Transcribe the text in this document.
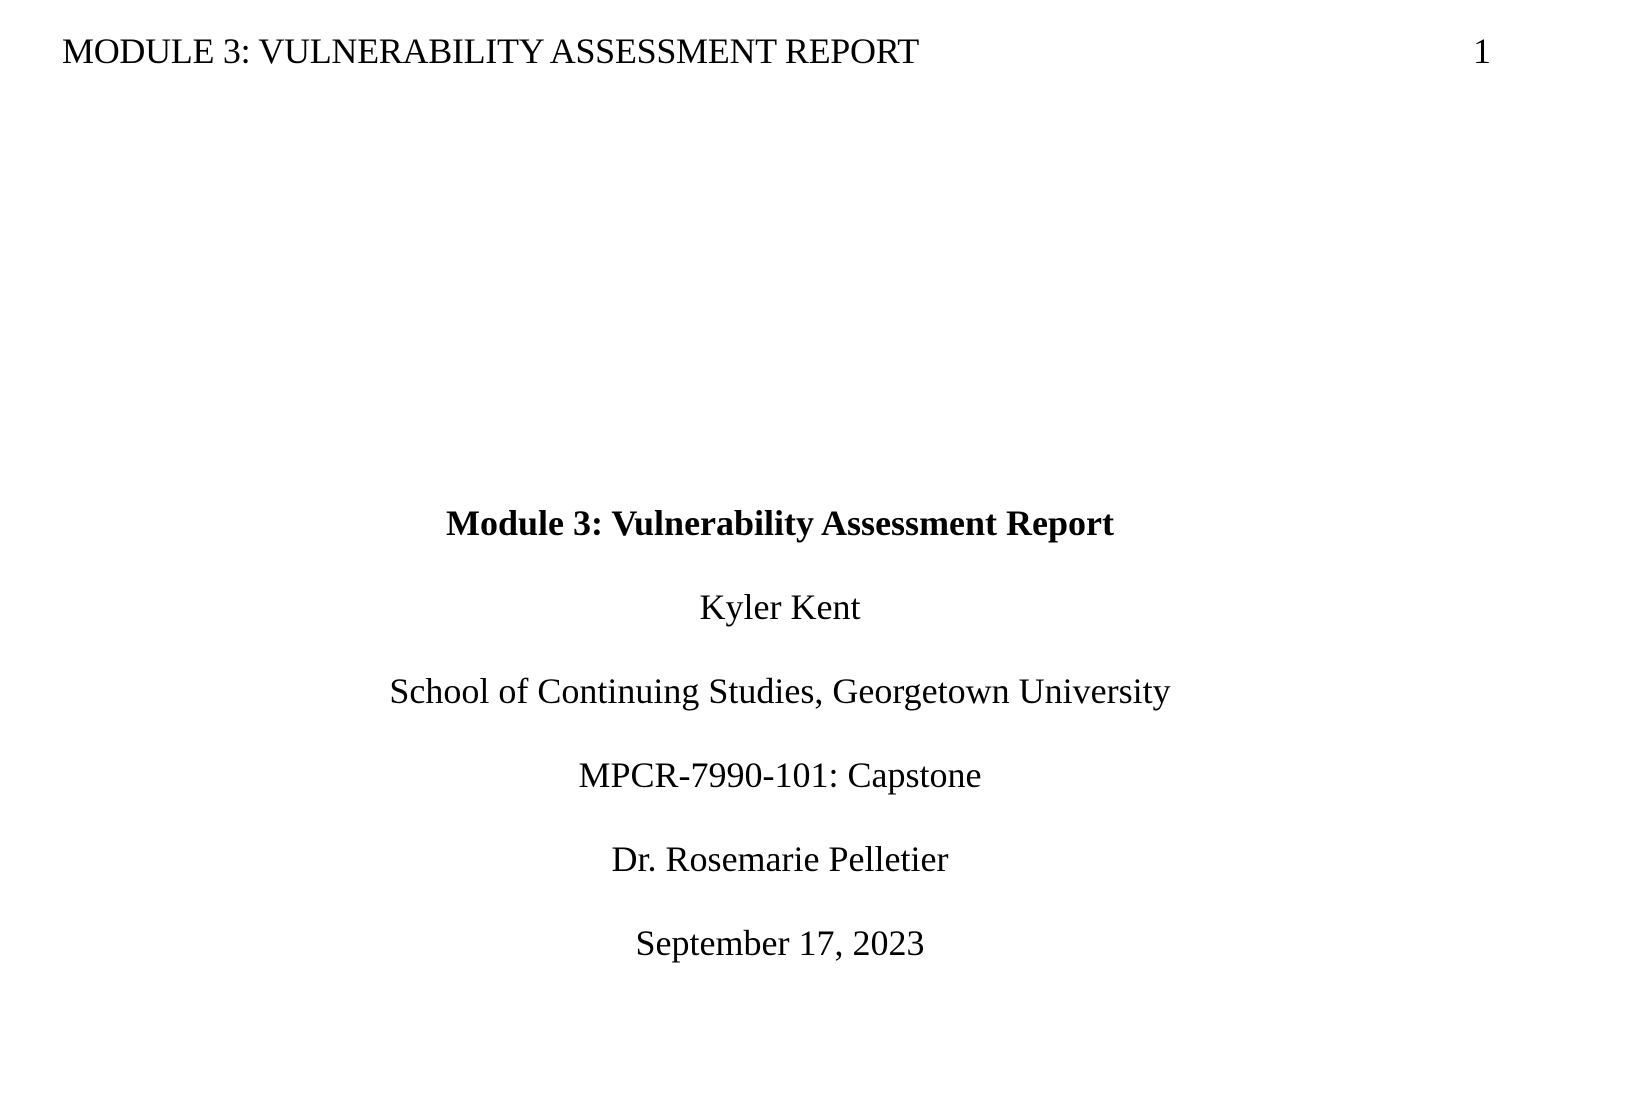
MODULE 3: VULNERABILITY ASSESSMENT REPORT	1
Module 3: Vulnerability Assessment Report
Kyler Kent
School of Continuing Studies, Georgetown University
MPCR-7990-101: Capstone
Dr. Rosemarie Pelletier
September 17, 2023
